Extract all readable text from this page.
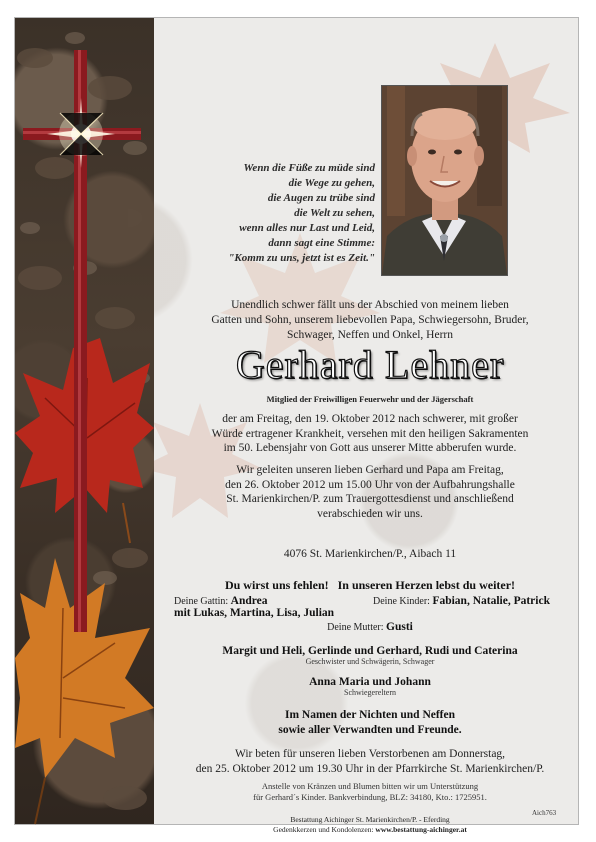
Wenn die Füße zu müde sind
die Wege zu gehen,
die Augen zu trübe sind
die Welt zu sehen,
wenn alles nur Last und Leid,
dann sagt eine Stimme:
"Komm zu uns, jetzt ist es Zeit."
Unendlich schwer fällt uns der Abschied von meinem lieben
Gatten und Sohn, unserem liebevollen Papa, Schwiegersohn, Bruder,
Schwager, Neffen und Onkel, Herrn
Gerhard Lehner
Mitglied der Freiwilligen Feuerwehr und der Jägerschaft
der am Freitag, den 19. Oktober 2012 nach schwerer, mit großer
Würde ertragener Krankheit, versehen mit den heiligen Sakramenten
im 50. Lebensjahr von Gott aus unserer Mitte abberufen wurde.
Wir geleiten unseren lieben Gerhard und Papa am Freitag,
den 26. Oktober 2012 um 15.00 Uhr von der Aufbahrungshalle
St. Marienkirchen/P. zum Trauergottesdienst und anschließend
verabschieden wir uns.
4076 St. Marienkirchen/P., Aibach 11
Du wirst uns fehlen!   In unseren Herzen lebst du weiter!
Deine Gattin: Andrea
mit Lukas, Martina, Lisa, Julian
Deine Kinder: Fabian, Natalie, Patrick
Deine Mutter: Gusti
Margit und Heli, Gerlinde und Gerhard, Rudi und Caterina
Geschwister und Schwägerin, Schwager
Anna Maria und Johann
Schwiegereltern
Im Namen der Nichten und Neffen
sowie aller Verwandten und Freunde.
Wir beten für unseren lieben Verstorbenen am Donnerstag,
den 25. Oktober 2012 um 19.30 Uhr in der Pfarrkirche St. Marienkirchen/P.
Anstelle von Kränzen und Blumen bitten wir um Unterstützung
für Gerhard´s Kinder. Bankverbindung, BLZ: 34180, Kto.: 1725951.
Bestattung Aichinger St. Marienkirchen/P. - Eferding
Gedenkkerzen und Kondolenzen: www.bestattung-aichinger.at
Aich763
